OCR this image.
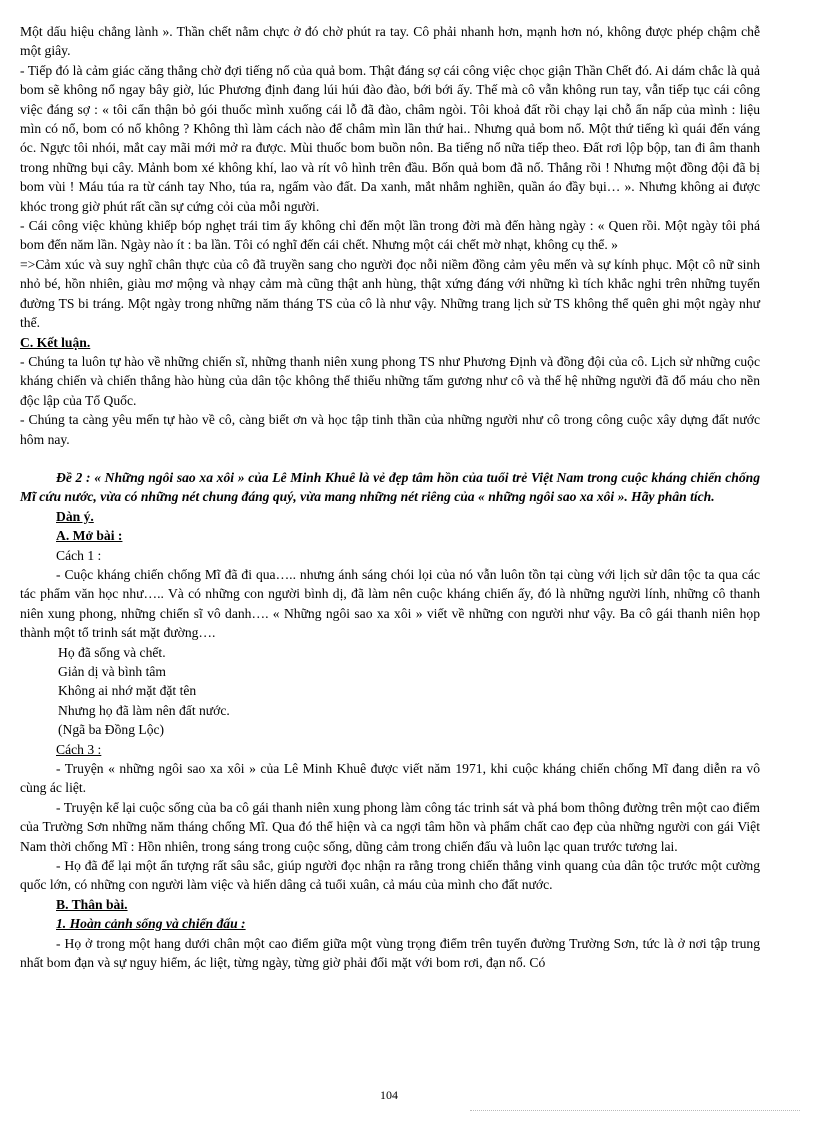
Một dấu hiệu chẳng lành ». Thần chết nằm chực ở đó chờ phút ra tay. Cô phải nhanh hơn, mạnh hơn nó, không được phép chậm chễ một giây.

- Tiếp đó là cảm giác căng thẳng chờ đợi tiếng nổ của quả bom. Thật đáng sợ cái công việc chọc giận Thần Chết đó. Ai dám chắc là quả bom sẽ không nổ ngay bây giờ, lúc Phương định đang lúi húi đào đào, bới bới ấy. Thế mà cô vẫn không run tay, vẫn tiếp tục cái công việc đáng sợ : « tôi cẩn thận bỏ gói thuốc mình xuống cái lỗ đã đào, châm ngòi. Tôi khoả đất rồi chạy lại chỗ ẩn nấp của mình : liệu mìn có nổ, bom có nổ không ? Không thì làm cách nào để châm mìn lần thứ hai.. Nhưng quả bom nổ. Một thứ tiếng kì quái đến váng óc. Ngực tôi nhói, mắt cay mãi mới mở ra được. Mùi thuốc bom buồn nôn. Ba tiếng nổ nữa tiếp theo. Đất rơi lộp bộp, tan đi âm thanh trong những bụi cây. Mảnh bom xé không khí, lao và rít vô hình trên đầu. Bốn quả bom đã nổ. Thắng rồi ! Nhưng một đồng đội đã bị bom vùi ! Máu túa ra từ cánh tay Nho, túa ra, ngấm vào đất. Da xanh, mắt nhắm nghiền, quần áo đầy bụi… ». Nhưng không ai được khóc trong giờ phút rất cần sự cứng cỏi của mỗi người.

- Cái công việc khủng khiếp bóp nghẹt trái tim ấy không chỉ đến một lần trong đời mà đến hàng ngày : « Quen rồi. Một ngày tôi phá bom đến năm lần. Ngày nào ít : ba lần. Tôi có nghĩ đến cái chết. Nhưng một cái chết mờ nhạt, không cụ thể. »

=>Cảm xúc và suy nghĩ chân thực của cô đã truyền sang cho người đọc nỗi niềm đồng cảm yêu mến và sự kính phục. Một cô nữ sinh nhỏ bé, hồn nhiên, giàu mơ mộng và nhạy cảm mà cũng thật anh hùng, thật xứng đáng với những kì tích khắc nghi trên những tuyến đường TS bi tráng. Một ngày trong những năm tháng TS của cô là như vậy. Những trang lịch sử TS không thể quên ghi một ngày như thế.

C. Kết luận.

- Chúng ta luôn tự hào về những chiến sĩ, những thanh niên xung phong TS như Phương Định và đồng đội của cô. Lịch sử những cuộc kháng chiến và chiến thắng hào hùng của dân tộc không thể thiếu những tấm gương như cô và thế hệ những người đã đổ máu cho nền độc lập của Tổ Quốc.

- Chúng ta càng yêu mến tự hào về cô, càng biết ơn và học tập tinh thần của những người như cô trong công cuộc xây dựng đất nước hôm nay.

Đề 2 : « Những ngôi sao xa xôi » của Lê Minh Khuê là vẻ đẹp tâm hồn của tuổi trẻ Việt Nam trong cuộc kháng chiến chống Mĩ cứu nước, vừa có những nét chung đáng quý, vừa mang những nét riêng của « những ngôi sao xa xôi ». Hãy phân tích.

Dàn ý.

A. Mở bài :

Cách 1 :

- Cuộc kháng chiến chống Mĩ đã đi qua….. nhưng ánh sáng chói lọi của nó vẫn luôn tồn tại cùng với lịch sử dân tộc ta qua các tác phẩm văn học như….. Và có những con người bình dị, đã làm nên cuộc kháng chiến ấy, đó là những người lính, những cô thanh niên xung phong, những chiến sĩ vô danh…. « Những ngôi sao xa xôi » viết về những con người như vậy. Ba cô gái thanh niên họp thành một tổ trinh sát mặt đường….

Họ đã sống và chết.

Giản dị và bình tâm

Không ai nhớ mặt đặt tên

Nhưng họ đã làm nên đất nước.

(Ngã ba Đồng Lộc)

Cách 3 :

- Truyện « những ngôi sao xa xôi » của Lê Minh Khuê được viết năm 1971, khi cuộc kháng chiến chống Mĩ đang diễn ra vô cùng ác liệt.

- Truyện kể lại cuộc sống của ba cô gái thanh niên xung phong làm công tác trinh sát và phá bom thông đường trên một cao điểm của Trường Sơn những năm tháng chống Mĩ. Qua đó thể hiện và ca ngợi tâm hồn và phẩm chất cao đẹp của những người con gái Việt Nam thời chống Mĩ : Hồn nhiên, trong sáng trong cuộc sống, dũng cảm trong chiến đấu và luôn lạc quan trước tương lai.

- Họ đã để lại một ấn tượng rất sâu sắc, giúp người đọc nhận ra rằng trong chiến thắng vinh quang của dân tộc trước một cường quốc lớn, có những con người làm việc và hiến dâng cả tuổi xuân, cả máu của mình cho đất nước.

B. Thân bài.

1. Hoàn cảnh sống và chiến đấu :

- Họ ở trong một hang dưới chân một cao điểm giữa một vùng trọng điểm trên tuyến đường Trường Sơn, tức là ở nơi tập trung nhất bom đạn và sự nguy hiểm, ác liệt, từng ngày, từng giờ phải đối mặt với bom rơi, đạn nổ. Có

104
